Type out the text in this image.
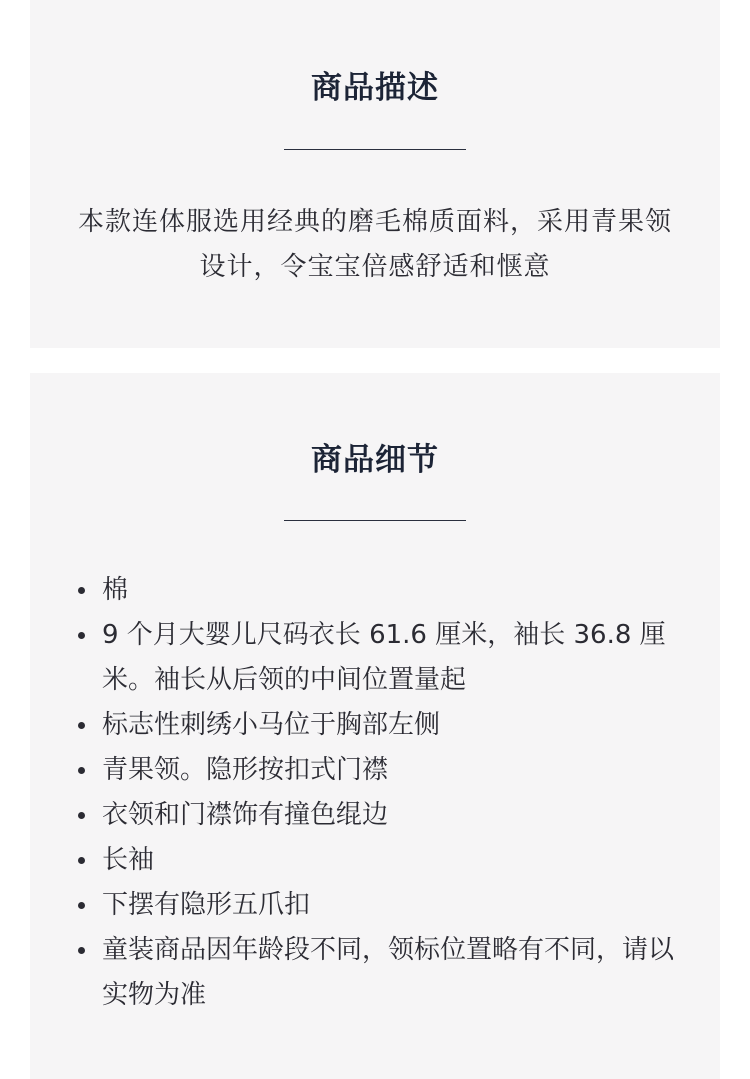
商品描述

本款连体服选用经典的磨毛棉质面料，采用青果领设计，令宝宝倍感舒适和惬意

商品细节
棉
9 个月大婴儿尺码衣长 61.6 厘米，袖长 36.8 厘米。袖长从后领的中间位置量起
标志性刺绣小马位于胸部左侧
青果领。隐形按扣式门襟
衣领和门襟饰有撞色绲边
长袖
下摆有隐形五爪扣
童装商品因年龄段不同，领标位置略有不同，请以实物为准
